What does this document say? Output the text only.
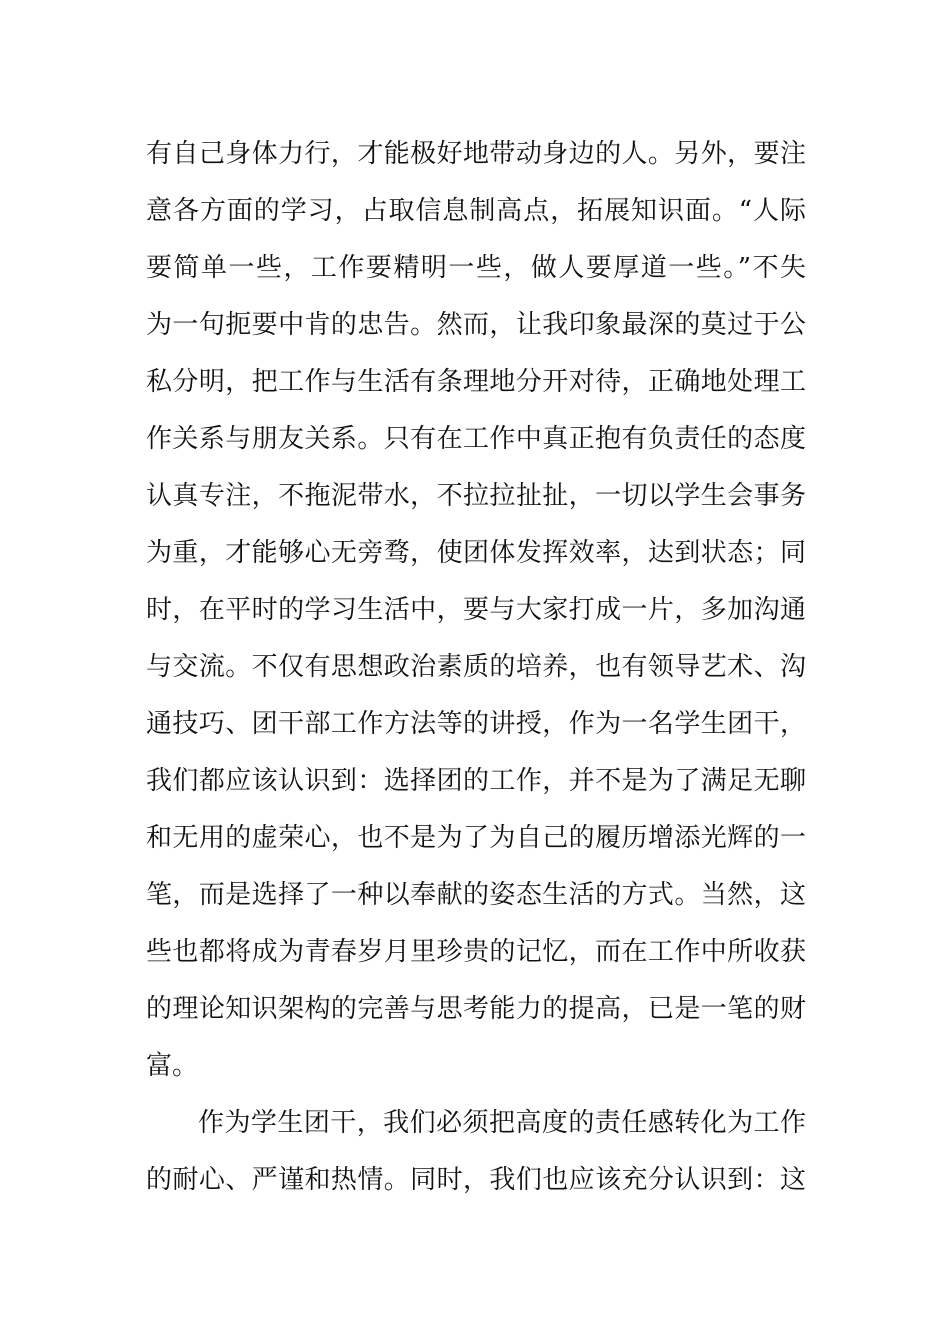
有自己身体力行，才能极好地带动身边的人。另外，要注
意各方面的学习，占取信息制高点，拓展知识面。“人际
要简单一些，工作要精明一些，做人要厚道一些。”不失
为一句扼要中肯的忠告。然而，让我印象最深的莫过于公
私分明，把工作与生活有条理地分开对待，正确地处理工
作关系与朋友关系。只有在工作中真正抱有负责任的态度
认真专注，不拖泥带水，不拉拉扯扯，一切以学生会事务
为重，才能够心无旁骛，使团体发挥效率，达到状态；同
时，在平时的学习生活中，要与大家打成一片，多加沟通
与交流。不仅有思想政治素质的培养，也有领导艺术、沟
通技巧、团干部工作方法等的讲授，作为一名学生团干，
我们都应该认识到：选择团的工作，并不是为了满足无聊
和无用的虚荣心，也不是为了为自己的履历增添光辉的一
笔，而是选择了一种以奉献的姿态生活的方式。当然，这
些也都将成为青春岁月里珍贵的记忆，而在工作中所收获
的理论知识架构的完善与思考能力的提高，已是一笔的财
富。
作为学生团干，我们必须把高度的责任感转化为工作
的耐心、严谨和热情。同时，我们也应该充分认识到：这
